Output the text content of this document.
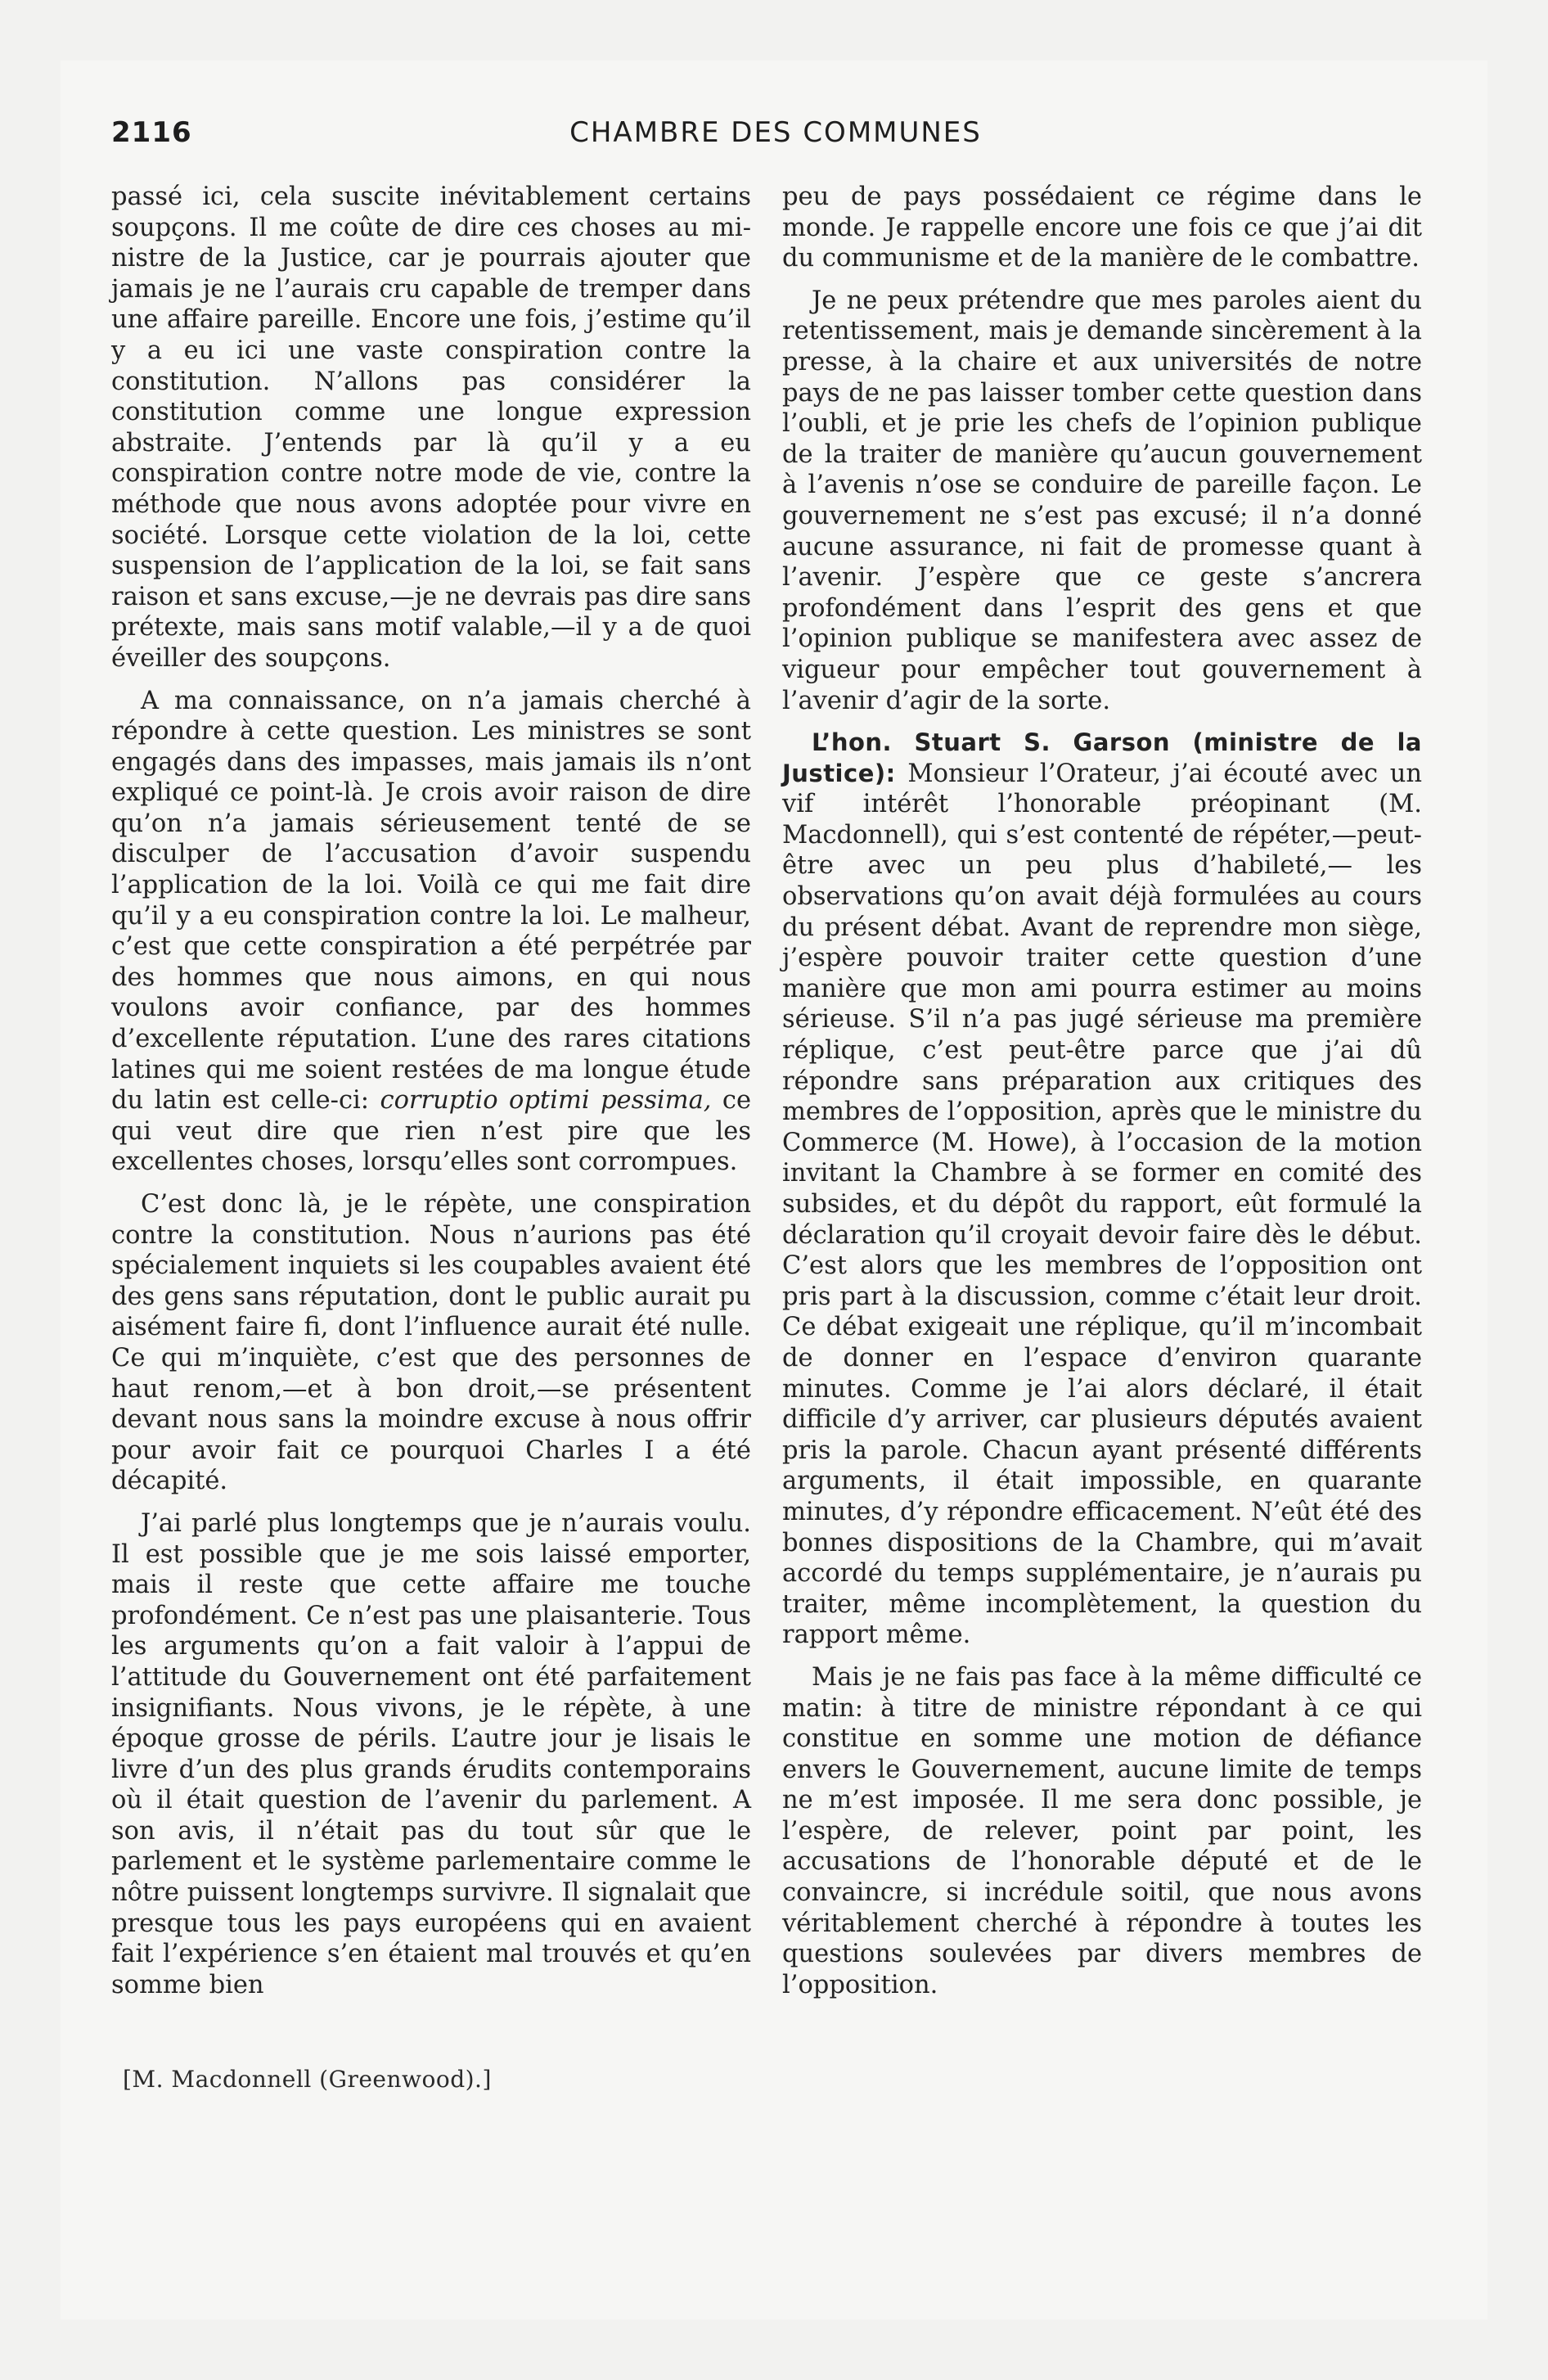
2116	CHAMBRE DES COMMUNES

passé ici, cela suscite inévitablement certains soupçons. Il me coûte de dire ces choses au ministre de la Justice, car je pourrais ajouter que jamais je ne l’aurais cru capable de tremper dans une affaire pareille. Encore une fois, j’estime qu’il y a eu ici une vaste conspiration contre la constitution. N’allons pas considérer la constitution comme une longue expression abstraite. J’entends par là qu’il y a eu conspiration contre notre mode de vie, contre la méthode que nous avons adoptée pour vivre en société. Lorsque cette violation de la loi, cette suspension de l’application de la loi, se fait sans raison et sans excuse,—je ne devrais pas dire sans prétexte, mais sans motif valable,—il y a de quoi éveiller des soupçons.

A ma connaissance, on n’a jamais cherché à répondre à cette question. Les ministres se sont engagés dans des impasses, mais jamais ils n’ont expliqué ce point-là. Je crois avoir raison de dire qu’on n’a jamais sérieusement tenté de se disculper de l’accusation d’avoir suspendu l’application de la loi. Voilà ce qui me fait dire qu’il y a eu conspiration contre la loi. Le malheur, c’est que cette conspiration a été perpétrée par des hommes que nous aimons, en qui nous voulons avoir confiance, par des hommes d’excellente réputation. L’une des rares citations latines qui me soient restées de ma longue étude du latin est celle-ci: corruptio optimi pessima, ce qui veut dire que rien n’est pire que les excellentes choses, lorsqu’elles sont corrompues.

C’est donc là, je le répète, une conspiration contre la constitution. Nous n’aurions pas été spécialement inquiets si les coupables avaient été des gens sans réputation, dont le public aurait pu aisément faire fi, dont l’influence aurait été nulle. Ce qui m’inquiète, c’est que des personnes de haut renom,—et à bon droit,—se présentent devant nous sans la moindre excuse à nous offrir pour avoir fait ce pourquoi Charles I a été décapité.

J’ai parlé plus longtemps que je n’aurais voulu. Il est possible que je me sois laissé emporter, mais il reste que cette affaire me touche profondément. Ce n’est pas une plaisanterie. Tous les arguments qu’on a fait valoir à l’appui de l’attitude du Gouvernement ont été parfaitement insignifiants. Nous vivons, je le répète, à une époque grosse de périls. L’autre jour je lisais le livre d’un des plus grands érudits contemporains où il était question de l’avenir du parlement. A son avis, il n’était pas du tout sûr que le parlement et le système parlementaire comme le nôtre puissent longtemps survivre. Il signalait que presque tous les pays européens qui en avaient fait l’expérience s’en étaient mal trouvés et qu’en somme bien

peu de pays possédaient ce régime dans le monde. Je rappelle encore une fois ce que j’ai dit du communisme et de la manière de le combattre.

Je ne peux prétendre que mes paroles aient du retentissement, mais je demande sincèrement à la presse, à la chaire et aux universités de notre pays de ne pas laisser tomber cette question dans l’oubli, et je prie les chefs de l’opinion publique de la traiter de manière qu’aucun gouvernement à l’avenis n’ose se conduire de pareille façon. Le gouvernement ne s’est pas excusé; il n’a donné aucune assurance, ni fait de promesse quant à l’avenir. J’espère que ce geste s’ancrera profondément dans l’esprit des gens et que l’opinion publique se manifestera avec assez de vigueur pour empêcher tout gouvernement à l’avenir d’agir de la sorte.

L’hon. Stuart S. Garson (ministre de la Justice): Monsieur l’Orateur, j’ai écouté avec un vif intérêt l’honorable préopinant (M. Macdonnell), qui s’est contenté de répéter,—peut-être avec un peu plus d’habileté,— les observations qu’on avait déjà formulées au cours du présent débat. Avant de reprendre mon siège, j’espère pouvoir traiter cette question d’une manière que mon ami pourra estimer au moins sérieuse. S’il n’a pas jugé sérieuse ma première réplique, c’est peut-être parce que j’ai dû répondre sans préparation aux critiques des membres de l’opposition, après que le ministre du Commerce (M. Howe), à l’occasion de la motion invitant la Chambre à se former en comité des subsides, et du dépôt du rapport, eût formulé la déclaration qu’il croyait devoir faire dès le début. C’est alors que les membres de l’opposition ont pris part à la discussion, comme c’était leur droit. Ce débat exigeait une réplique, qu’il m’incombait de donner en l’espace d’environ quarante minutes. Comme je l’ai alors déclaré, il était difficile d’y arriver, car plusieurs députés avaient pris la parole. Chacun ayant présenté différents arguments, il était impossible, en quarante minutes, d’y répondre efficacement. N’eût été des bonnes dispositions de la Chambre, qui m’avait accordé du temps supplémentaire, je n’aurais pu traiter, même incomplètement, la question du rapport même.

Mais je ne fais pas face à la même difficulté ce matin: à titre de ministre répondant à ce qui constitue en somme une motion de défiance envers le Gouvernement, aucune limite de temps ne m’est imposée. Il me sera donc possible, je l’espère, de relever, point par point, les accusations de l’honorable député et de le convaincre, si incrédule soitil, que nous avons véritablement cherché à répondre à toutes les questions soulevées par divers membres de l’opposition.

[M. Macdonnell (Greenwood).]
